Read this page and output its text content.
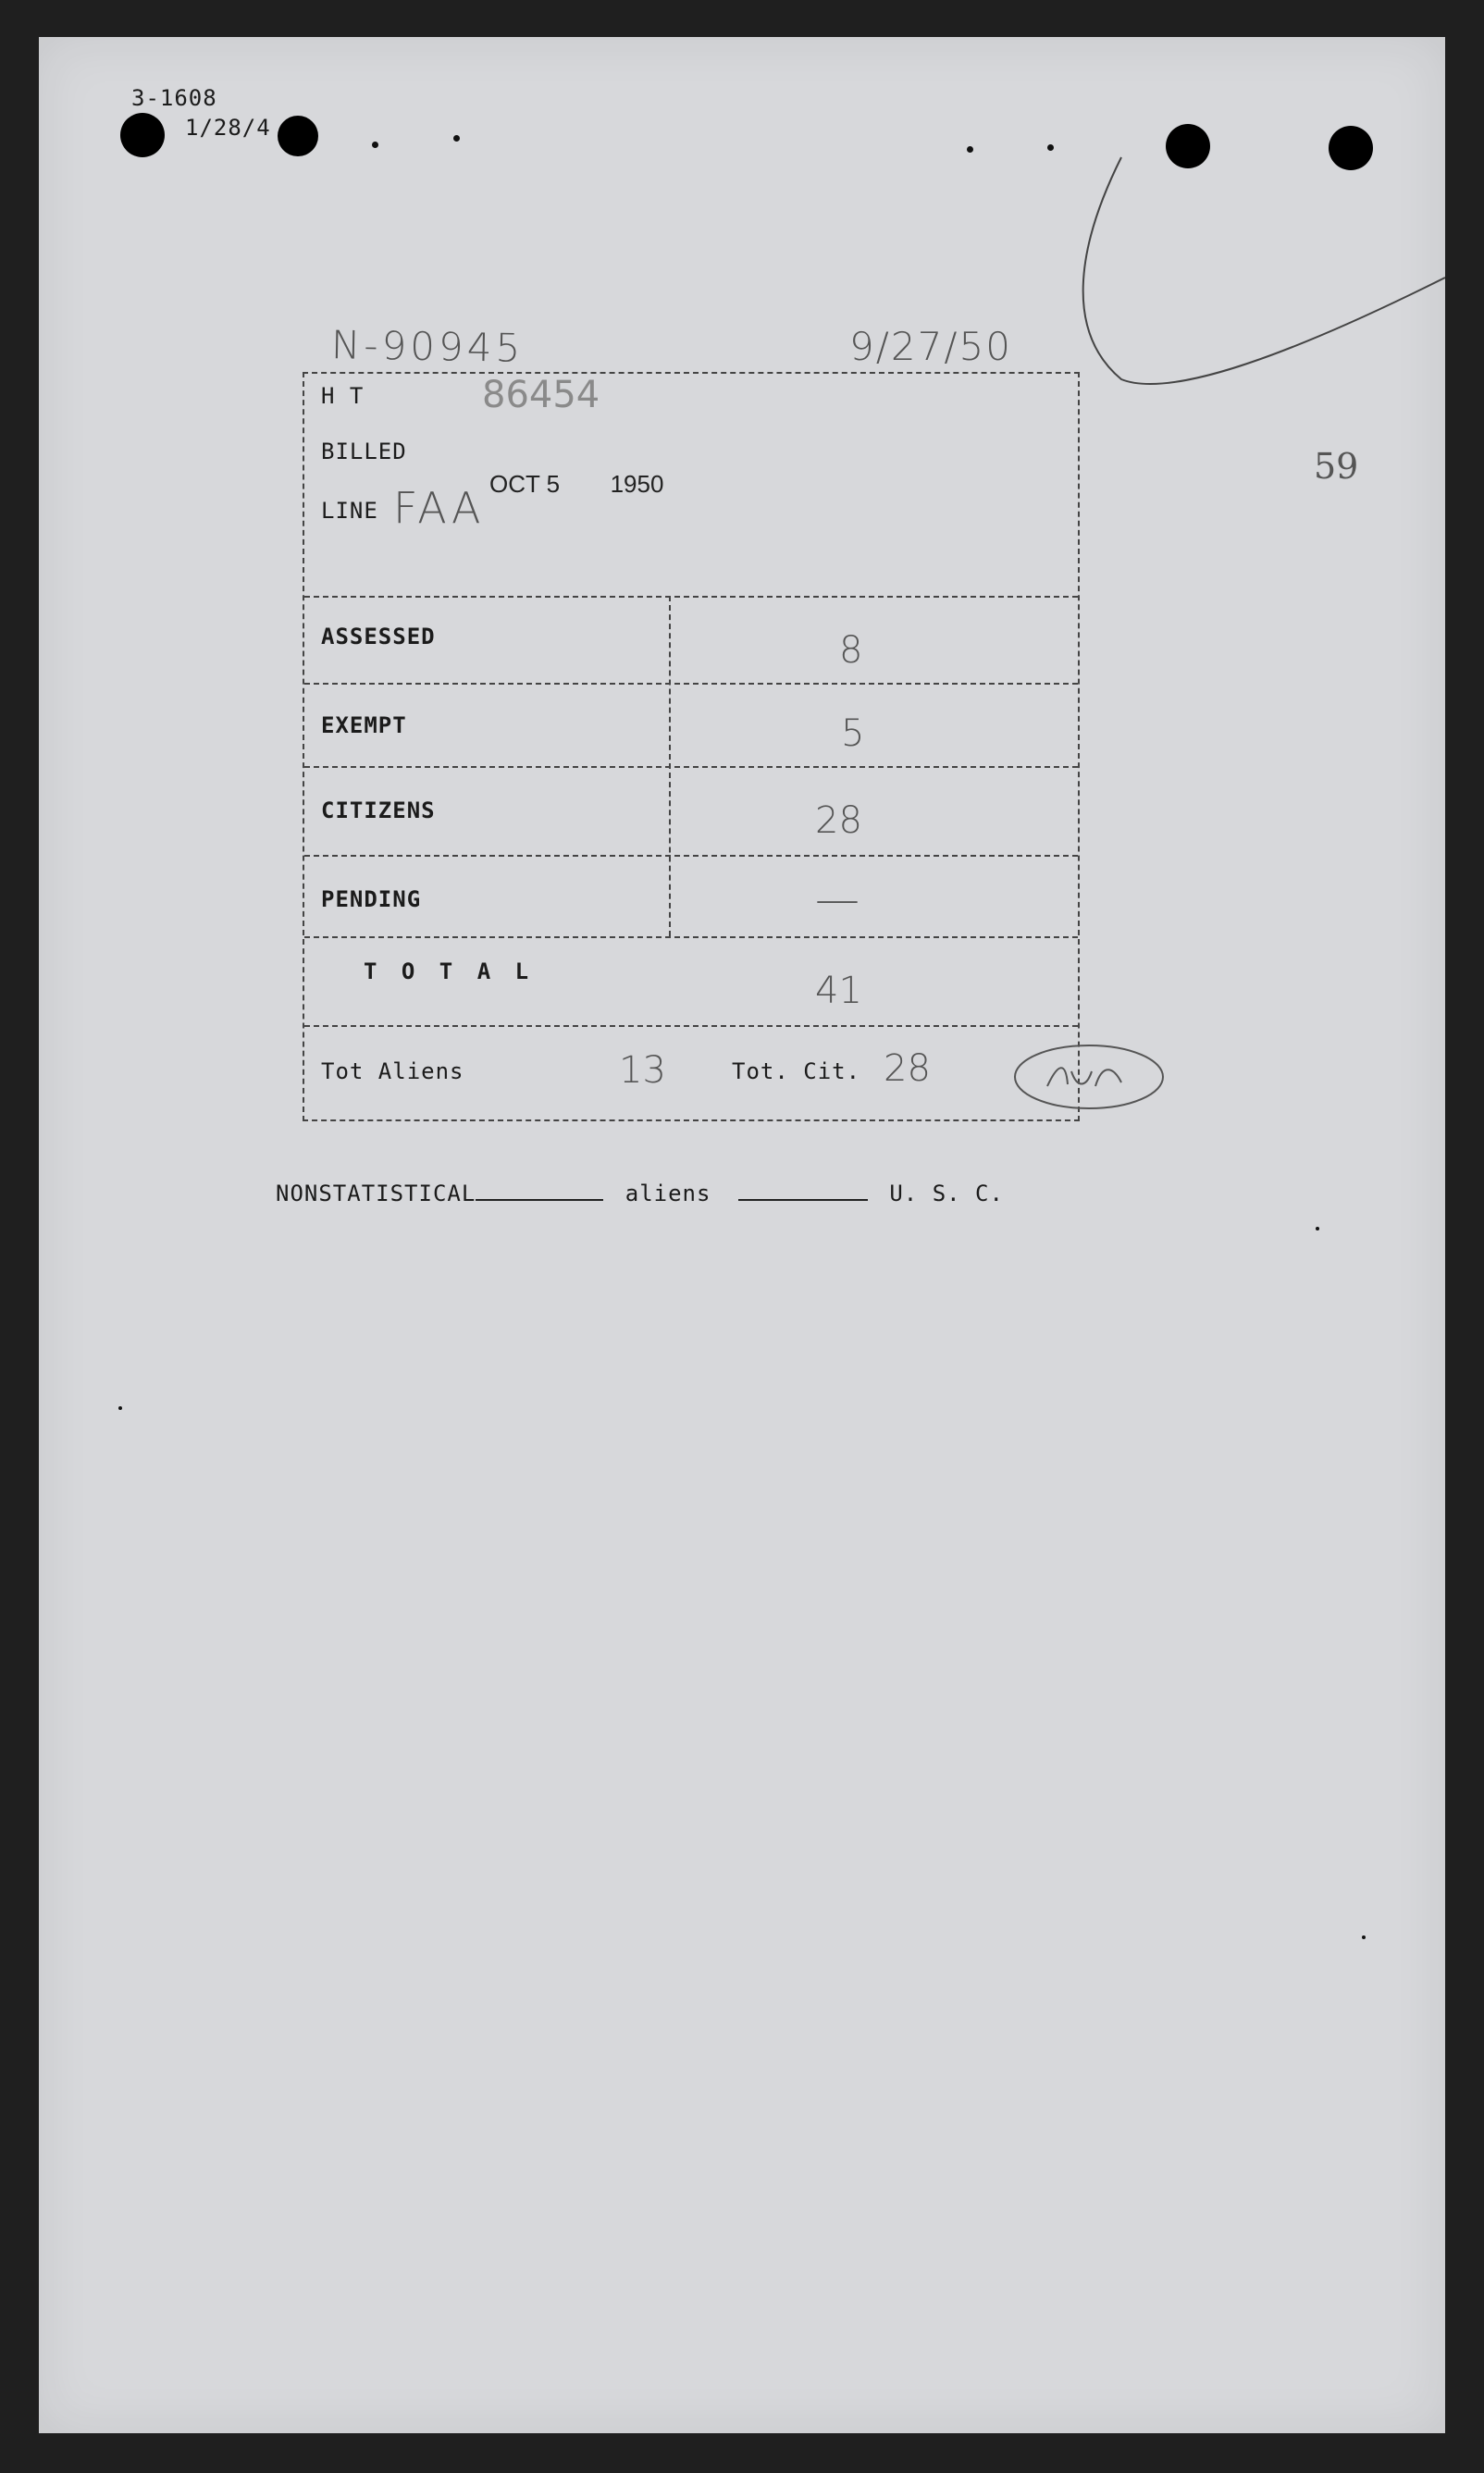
3-1608
1/28/4
59
N-90945	9/27/50
H T	86454
BILLED
LINE FAA OCT 5 1950
ASSESSED	8
EXEMPT	5
CITIZENS	28
PENDING	—
T O T A L	41
Tot Aliens	13	Tot. Cit. 28
NONSTATISTICAL	aliens	U. S. C.
